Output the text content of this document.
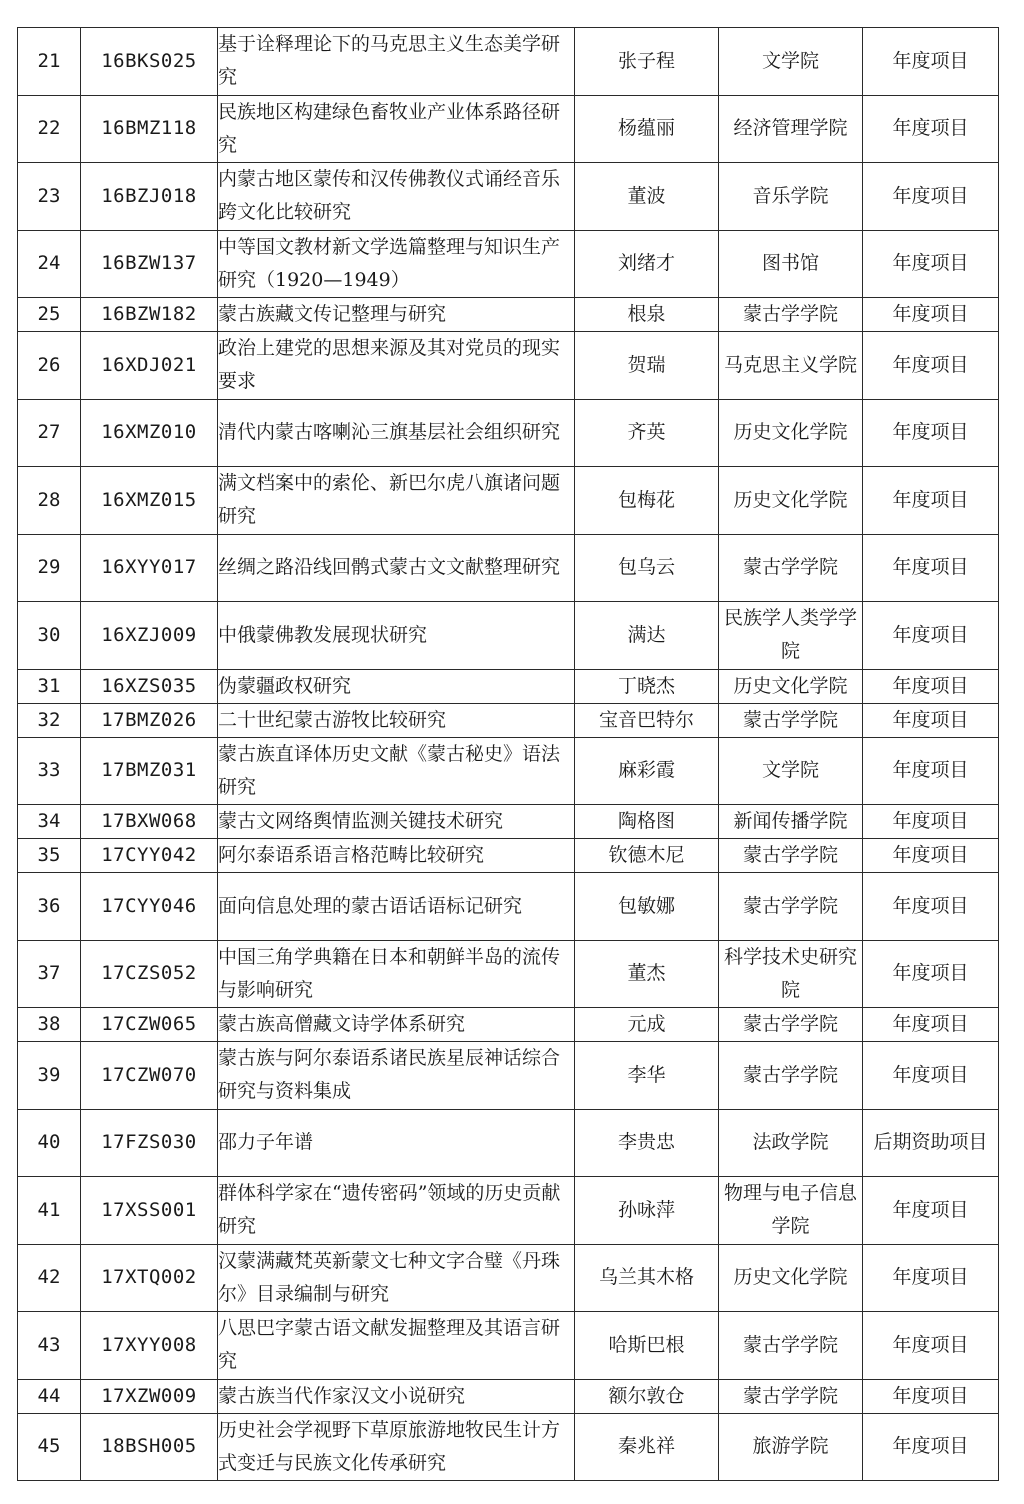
21	16BKS025	基于诠释理论下的马克思主义生态美学研究	张子程	文学院	年度项目
22	16BMZ118	民族地区构建绿色畜牧业产业体系路径研究	杨蕴丽	经济管理学院	年度项目
23	16BZJ018	内蒙古地区蒙传和汉传佛教仪式诵经音乐跨文化比较研究	董波	音乐学院	年度项目
24	16BZW137	中等国文教材新文学选篇整理与知识生产研究（1920—1949）	刘绪才	图书馆	年度项目
25	16BZW182	蒙古族藏文传记整理与研究	根泉	蒙古学学院	年度项目
26	16XDJ021	政治上建党的思想来源及其对党员的现实要求	贺瑞	马克思主义学院	年度项目
27	16XMZ010	清代内蒙古喀喇沁三旗基层社会组织研究	齐英	历史文化学院	年度项目
28	16XMZ015	满文档案中的索伦、新巴尔虎八旗诸问题研究	包梅花	历史文化学院	年度项目
29	16XYY017	丝绸之路沿线回鹘式蒙古文文献整理研究	包乌云	蒙古学学院	年度项目
30	16XZJ009	中俄蒙佛教发展现状研究	满达	民族学人类学学院	年度项目
31	16XZS035	伪蒙疆政权研究	丁晓杰	历史文化学院	年度项目
32	17BMZ026	二十世纪蒙古游牧比较研究	宝音巴特尔	蒙古学学院	年度项目
33	17BMZ031	蒙古族直译体历史文献《蒙古秘史》语法研究	麻彩霞	文学院	年度项目
34	17BXW068	蒙古文网络舆情监测关键技术研究	陶格图	新闻传播学院	年度项目
35	17CYY042	阿尔泰语系语言格范畴比较研究	钦德木尼	蒙古学学院	年度项目
36	17CYY046	面向信息处理的蒙古语话语标记研究	包敏娜	蒙古学学院	年度项目
37	17CZS052	中国三角学典籍在日本和朝鲜半岛的流传与影响研究	董杰	科学技术史研究院	年度项目
38	17CZW065	蒙古族高僧藏文诗学体系研究	元成	蒙古学学院	年度项目
39	17CZW070	蒙古族与阿尔泰语系诸民族星辰神话综合研究与资料集成	李华	蒙古学学院	年度项目
40	17FZS030	邵力子年谱	李贵忠	法政学院	后期资助项目
41	17XSS001	群体科学家在“遗传密码”领域的历史贡献研究	孙咏萍	物理与电子信息学院	年度项目
42	17XTQ002	汉蒙满藏梵英新蒙文七种文字合璧《丹珠尔》目录编制与研究	乌兰其木格	历史文化学院	年度项目
43	17XYY008	八思巴字蒙古语文献发掘整理及其语言研究	哈斯巴根	蒙古学学院	年度项目
44	17XZW009	蒙古族当代作家汉文小说研究	额尔敦仓	蒙古学学院	年度项目
45	18BSH005	历史社会学视野下草原旅游地牧民生计方式变迁与民族文化传承研究	秦兆祥	旅游学院	年度项目
